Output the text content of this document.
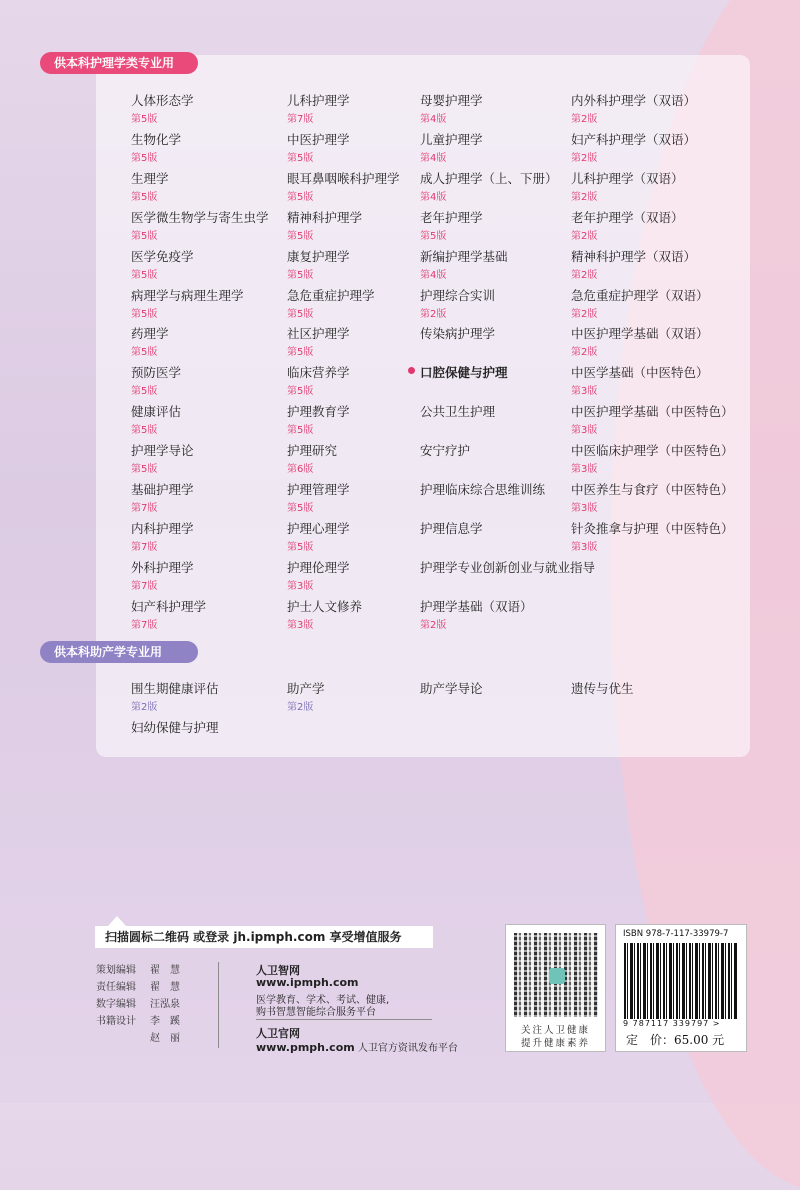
供本科护理学类专业用
供本科助产学专业用
人体形态学
第5版
生物化学
第5版
生理学
第5版
医学微生物学与寄生虫学
第5版
医学免疫学
第5版
病理学与病理生理学
第5版
药理学
第5版
预防医学
第5版
健康评估
第5版
护理学导论
第5版
基础护理学
第7版
内科护理学
第7版
外科护理学
第7版
妇产科护理学
第7版
儿科护理学
第7版
中医护理学
第5版
眼耳鼻咽喉科护理学
第5版
精神科护理学
第5版
康复护理学
第5版
急危重症护理学
第5版
社区护理学
第5版
临床营养学
第5版
护理教育学
第5版
护理研究
第6版
护理管理学
第5版
护理心理学
第5版
护理伦理学
第3版
护士人文修养
第3版
母婴护理学
第4版
儿童护理学
第4版
成人护理学（上、下册）
第4版
老年护理学
第5版
新编护理学基础
第4版
护理综合实训
第2版
传染病护理学
口腔保健与护理
公共卫生护理
安宁疗护
护理临床综合思维训练
护理信息学
护理学专业创新创业与就业指导
护理学基础（双语）
第2版
内外科护理学（双语）
第2版
妇产科护理学（双语）
第2版
儿科护理学（双语）
第2版
老年护理学（双语）
第2版
精神科护理学（双语）
第2版
急危重症护理学（双语）
第2版
中医护理学基础（双语）
第2版
中医学基础（中医特色）
第3版
中医护理学基础（中医特色）
第3版
中医临床护理学（中医特色）
第3版
中医养生与食疗（中医特色）
第3版
针灸推拿与护理（中医特色）
第3版
围生期健康评估
第2版
助产学
第2版
助产学导论	遗传与优生
妇幼保健与护理
扫描圆标二维码 或登录 jh.ipmph.com 享受增值服务
策划编辑 翟　慧
责任编辑 翟　慧
数字编辑 汪泓泉
书籍设计 李　蹊
赵　丽
人卫智网
www.ipmph.com
医学教育、学术、考试、健康,
购书智慧智能综合服务平台
人卫官网
www.pmph.com 人卫官方资讯发布平台
关注人卫健康
提升健康素养
ISBN 978-7-117-33979-7
9 787117 339797 >
定　价：65.00 元
